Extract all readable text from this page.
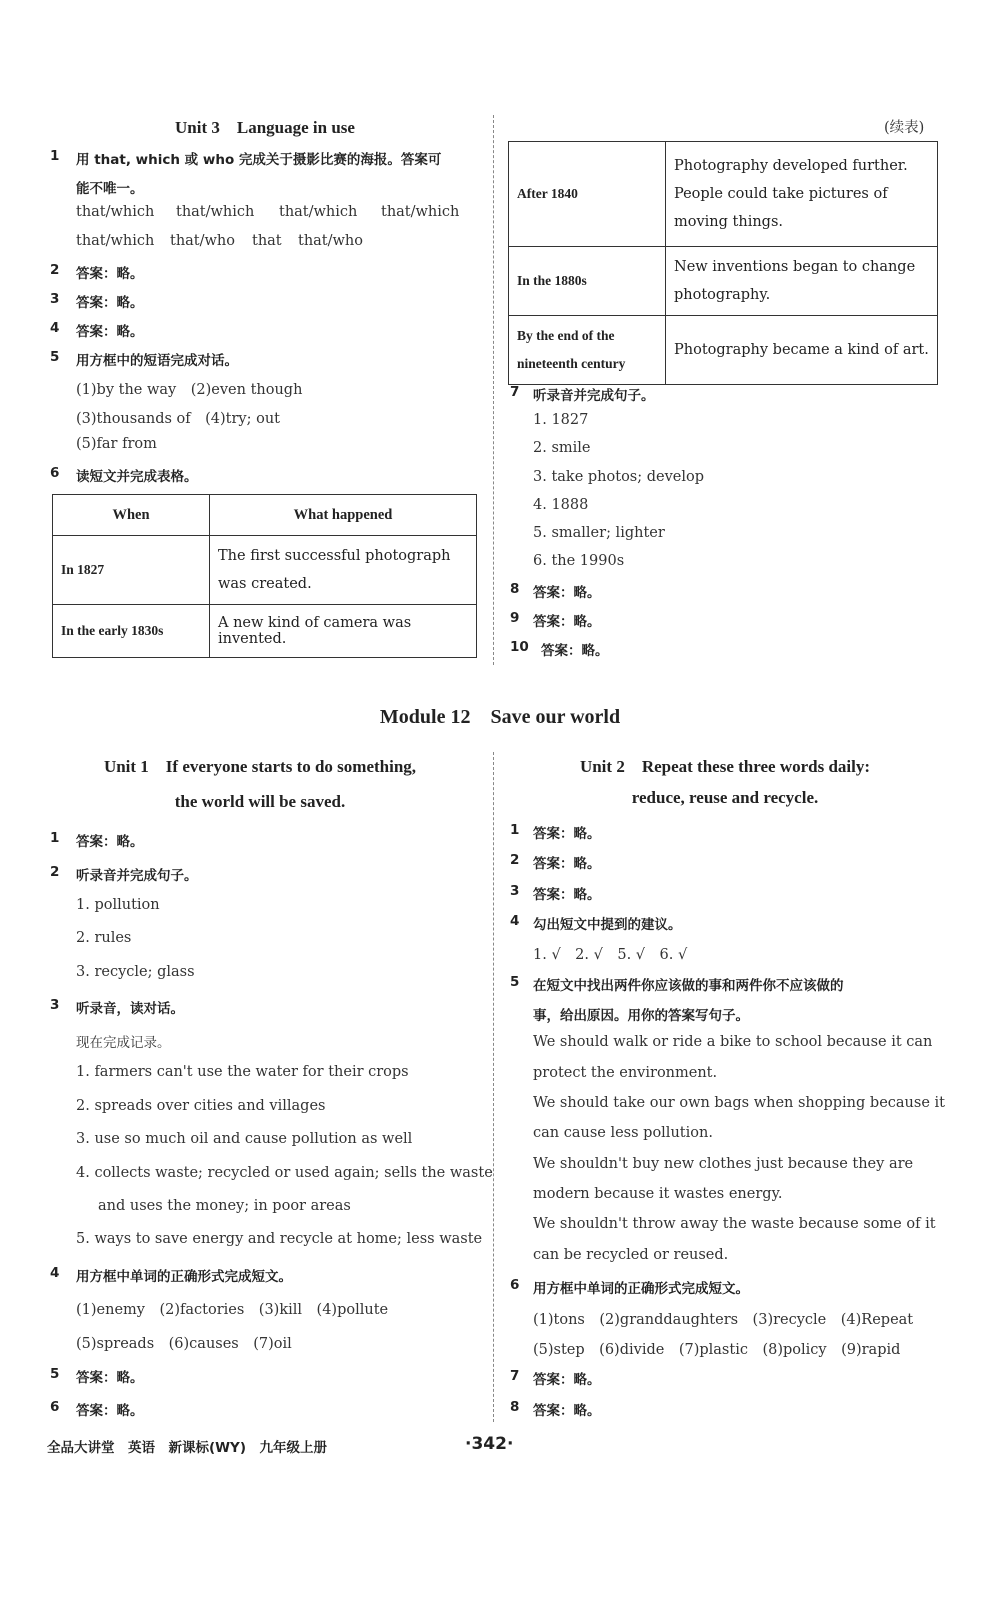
Unit 3　Language in use
1 用 that, which 或 who 完成关于摄影比赛的海报。答案可
能不唯一。
that/which that/which that/which that/which
that/which that/who that that/who
2 答案：略。
3 答案：略。
4 答案：略。
5 用方框中的短语完成对话。
(1)by the way　(2)even though
(3)thousands of　(4)try; out
(5)far from
6 读短文并完成表格。
When	What happened
In 1827	The first successful photograph was created.
In the early 1830s	A new kind of camera was invented.
(续表)
After 1840	Photography developed further.
People could take pictures of moving things.

In the 1880s	New inventions began to change photography.
By the end of the nineteenth century	Photography became a kind of art.
7 听录音并完成句子。
1. 1827
2. smile
3. take photos; develop
4. 1888
5. smaller; lighter
6. the 1990s
8 答案：略。
9 答案：略。
10 答案：略。
Module 12　Save our world
Unit 1　If everyone starts to do something,
the world will be saved.
1 答案：略。
2 听录音并完成句子。
1. pollution
2. rules
3. recycle; glass
3 听录音，读对话。
现在完成记录。
1. farmers can't use the water for their crops
2. spreads over cities and villages
3. use so much oil and cause pollution as well
4. collects waste; recycled or used again; sells the waste
and uses the money; in poor areas
5. ways to save energy and recycle at home; less waste
4 用方框中单词的正确形式完成短文。
(1)enemy　(2)factories　(3)kill　(4)pollute
(5)spreads　(6)causes　(7)oil
5 答案：略。
6 答案：略。
Unit 2　Repeat these three words daily:
reduce, reuse and recycle.
1 答案：略。
2 答案：略。
3 答案：略。
4 勾出短文中提到的建议。
1. √　2. √　5. √　6. √
5 在短文中找出两件你应该做的事和两件你不应该做的
事，给出原因。用你的答案写句子。
We should walk or ride a bike to school because it can
protect the environment.
We should take our own bags when shopping because it
can cause less pollution.
We shouldn't buy new clothes just because they are
modern because it wastes energy.
We shouldn't throw away the waste because some of it
can be recycled or reused.
6 用方框中单词的正确形式完成短文。
(1)tons　(2)granddaughters　(3)recycle　(4)Repeat
(5)step　(6)divide　(7)plastic　(8)policy　(9)rapid
7 答案：略。
8 答案：略。
全品大讲堂　英语　新课标(WY)　九年级上册	·342·
